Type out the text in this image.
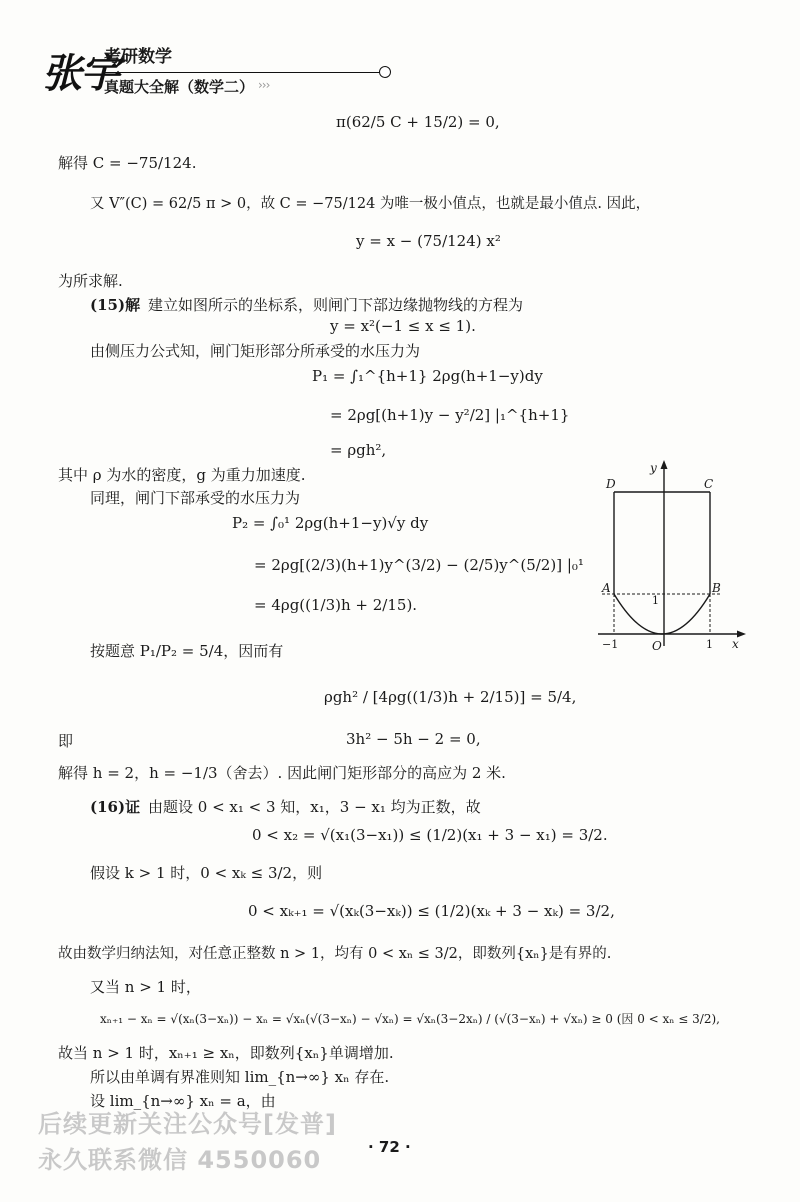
张宇
考研数学
真题大全解（数学二） ›››
π(62/5 C + 15/2) = 0,
解得 C = −75/124.
又 V″(C) = 62/5 π > 0，故 C = −75/124 为唯一极小值点，也就是最小值点. 因此，
y = x − (75/124) x²
为所求解.
(15)解 建立如图所示的坐标系，则闸门下部边缘抛物线的方程为
y = x²(−1 ≤ x ≤ 1).
由侧压力公式知，闸门矩形部分所承受的水压力为
P₁ = ∫₁^{h+1} 2ρg(h+1−y)dy
= 2ρg[(h+1)y − y²/2] |₁^{h+1}
= ρgh²,
其中 ρ 为水的密度，g 为重力加速度.
同理，闸门下部承受的水压力为
P₂ = ∫₀¹ 2ρg(h+1−y)√y dy
= 2ρg[(2/3)(h+1)y^(3/2) − (2/5)y^(5/2)] |₀¹
= 4ρg((1/3)h + 2/15).
按题意 P₁/P₂ = 5/4，因而有
ρgh² / [4ρg((1/3)h + 2/15)] = 5/4,
即	3h² − 5h − 2 = 0,
解得 h = 2，h = −1/3（舍去）. 因此闸门矩形部分的高应为 2 米.
(16)证 由题设 0 < x₁ < 3 知，x₁，3 − x₁ 均为正数，故
0 < x₂ = √(x₁(3−x₁)) ≤ (1/2)(x₁ + 3 − x₁) = 3/2.
假设 k > 1 时，0 < xₖ ≤ 3/2，则
0 < xₖ₊₁ = √(xₖ(3−xₖ)) ≤ (1/2)(xₖ + 3 − xₖ) = 3/2,
故由数学归纳法知，对任意正整数 n > 1，均有 0 < xₙ ≤ 3/2，即数列{xₙ}是有界的.
又当 n > 1 时，
xₙ₊₁ − xₙ = √(xₙ(3−xₙ)) − xₙ = √xₙ(√(3−xₙ) − √xₙ) = √xₙ(3−2xₙ) / (√(3−xₙ) + √xₙ) ≥ 0 (因 0 < xₙ ≤ 3/2),
故当 n > 1 时，xₙ₊₁ ≥ xₙ，即数列{xₙ}单调增加.
所以由单调有界准则知 lim_{n→∞} xₙ 存在.
设 lim_{n→∞} xₙ = a，由
y
x
O
D	C
A	B
−1	1
1
后续更新关注公众号[发普]
永久联系微信 4550060	· 72 ·
